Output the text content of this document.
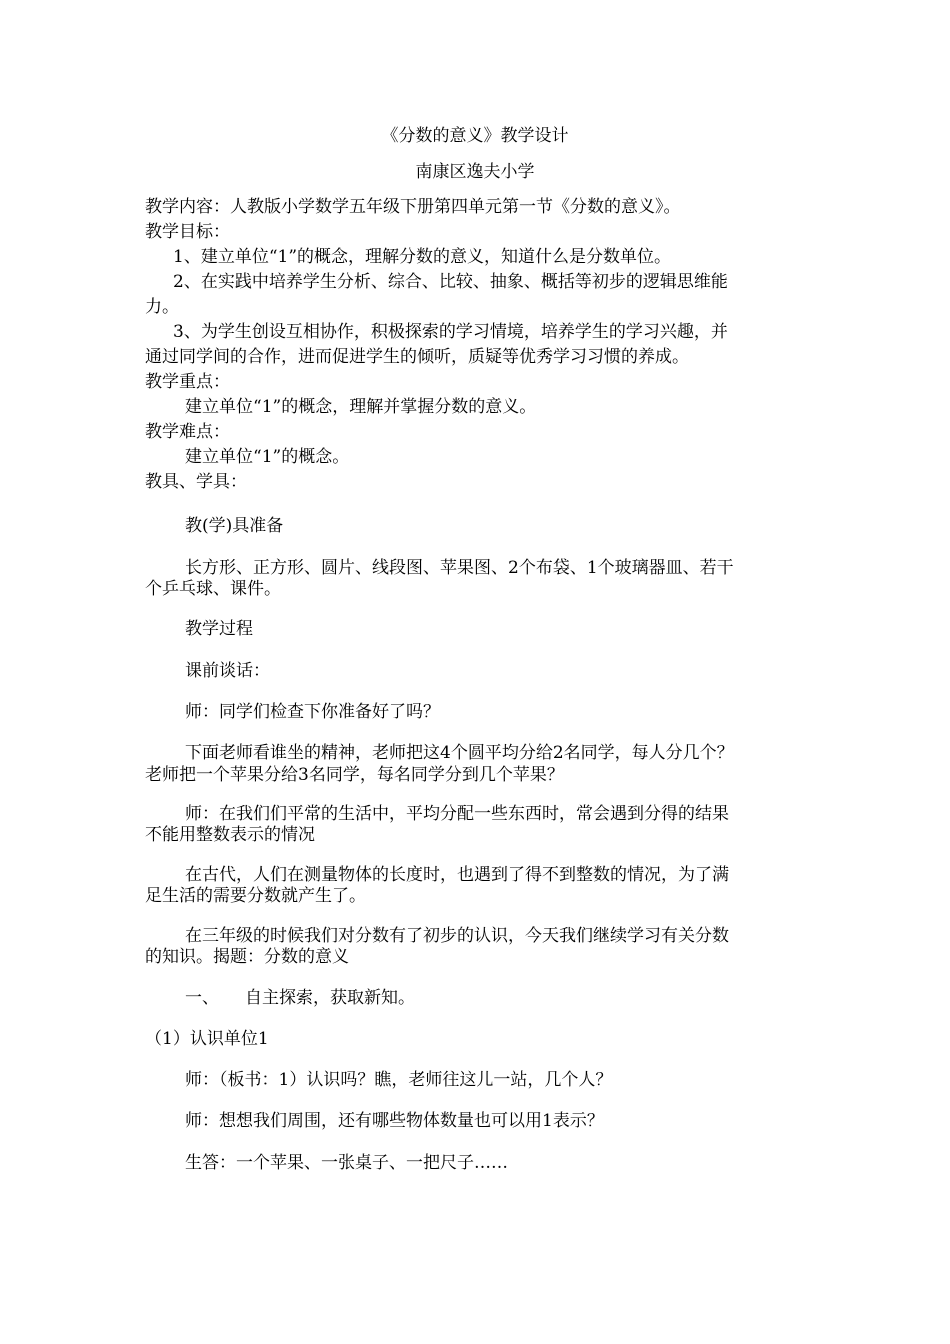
《分数的意义》教学设计
南康区逸夫小学
教学内容：人教版小学数学五年级下册第四单元第一节《分数的意义》。
教学目标：
1、建立单位“1”的概念，理解分数的意义，知道什么是分数单位。
2、在实践中培养学生分析、综合、比较、抽象、概括等初步的逻辑思维能
力。
3、为学生创设互相协作，积极探索的学习情境，培养学生的学习兴趣，并
通过同学间的合作，进而促进学生的倾听，质疑等优秀学习习惯的养成。
教学重点：
建立单位“1”的概念，理解并掌握分数的意义。
教学难点：
建立单位“1”的概念。
教具、学具：
教(学)具准备
长方形、正方形、圆片、线段图、苹果图、2个布袋、1个玻璃器皿、若干
个乒乓球、课件。
教学过程
课前谈话：
师：同学们检查下你准备好了吗？
下面老师看谁坐的精神，老师把这4个圆平均分给2名同学，每人分几个？
老师把一个苹果分给3名同学，每名同学分到几个苹果？
师：在我们们平常的生活中，平均分配一些东西时，常会遇到分得的结果
不能用整数表示的情况
在古代，人们在测量物体的长度时，也遇到了得不到整数的情况，为了满
足生活的需要分数就产生了。
在三年级的时候我们对分数有了初步的认识，今天我们继续学习有关分数
的知识。揭题：分数的意义
一、 自主探索，获取新知。
（1）认识单位1
师：（板书：1）认识吗？瞧，老师往这儿一站，几个人？
师：想想我们周围，还有哪些物体数量也可以用1表示？
生答：一个苹果、一张桌子、一把尺子……
